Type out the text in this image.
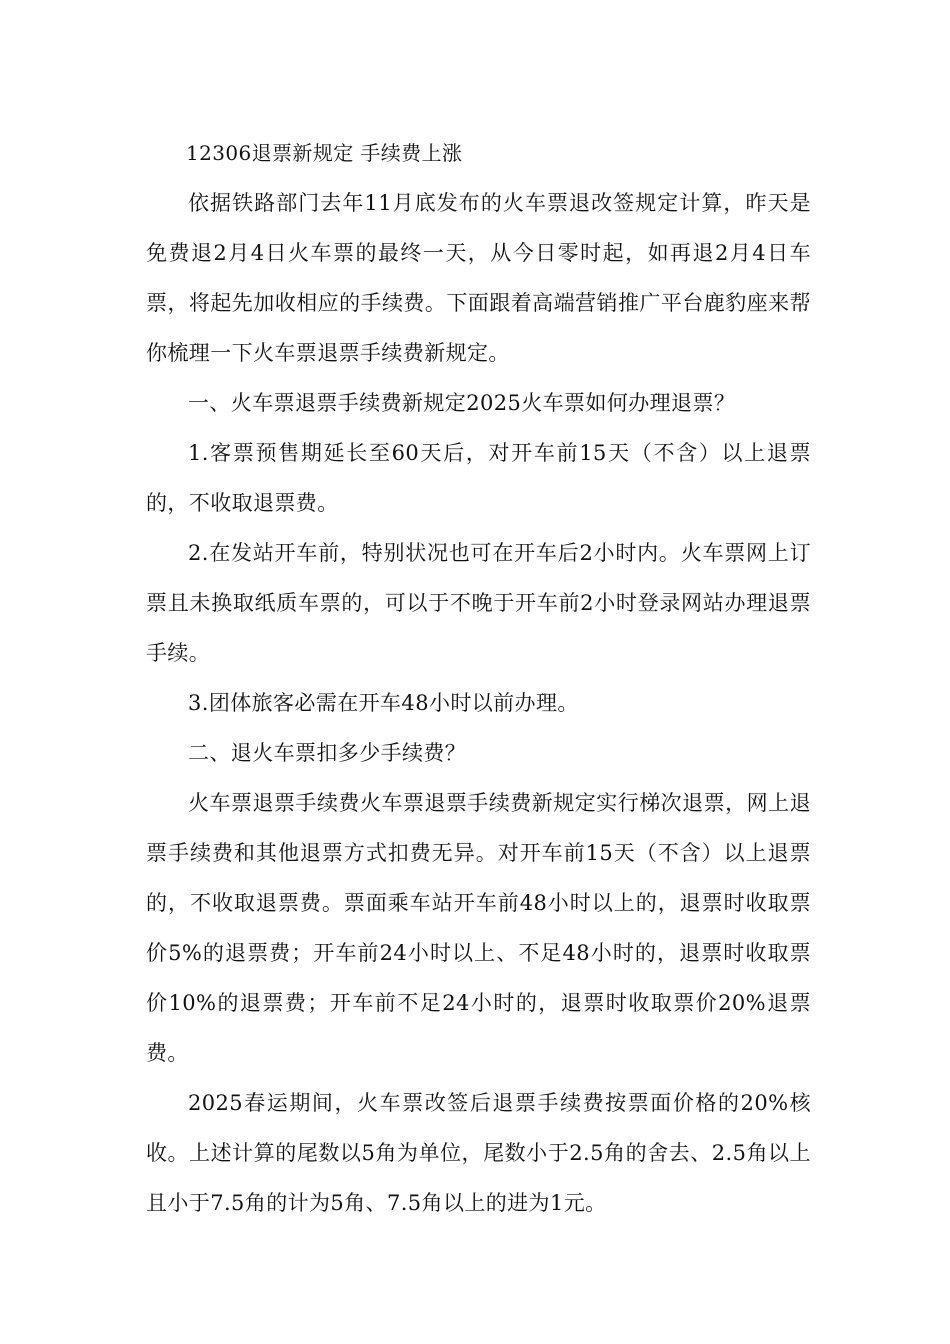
12306退票新规定 手续费上涨

依据铁路部门去年11月底发布的火车票退改签规定计算，昨天是免费退2月4日火车票的最终一天，从今日零时起，如再退2月4日车票，将起先加收相应的手续费。下面跟着高端营销推广平台鹿豹座来帮你梳理一下火车票退票手续费新规定。

一、火车票退票手续费新规定2025火车票如何办理退票？

1.客票预售期延长至60天后，对开车前15天（不含）以上退票的，不收取退票费。

2.在发站开车前，特别状况也可在开车后2小时内。火车票网上订票且未换取纸质车票的，可以于不晚于开车前2小时登录网站办理退票手续。

3.团体旅客必需在开车48小时以前办理。

二、退火车票扣多少手续费？

火车票退票手续费火车票退票手续费新规定实行梯次退票，网上退票手续费和其他退票方式扣费无异。对开车前15天（不含）以上退票的，不收取退票费。票面乘车站开车前48小时以上的，退票时收取票价5%的退票费；开车前24小时以上、不足48小时的，退票时收取票价10%的退票费；开车前不足24小时的，退票时收取票价20%退票费。

2025春运期间，火车票改签后退票手续费按票面价格的20%核收。上述计算的尾数以5角为单位，尾数小于2.5角的舍去、2.5角以上且小于7.5角的计为5角、7.5角以上的进为1元。
